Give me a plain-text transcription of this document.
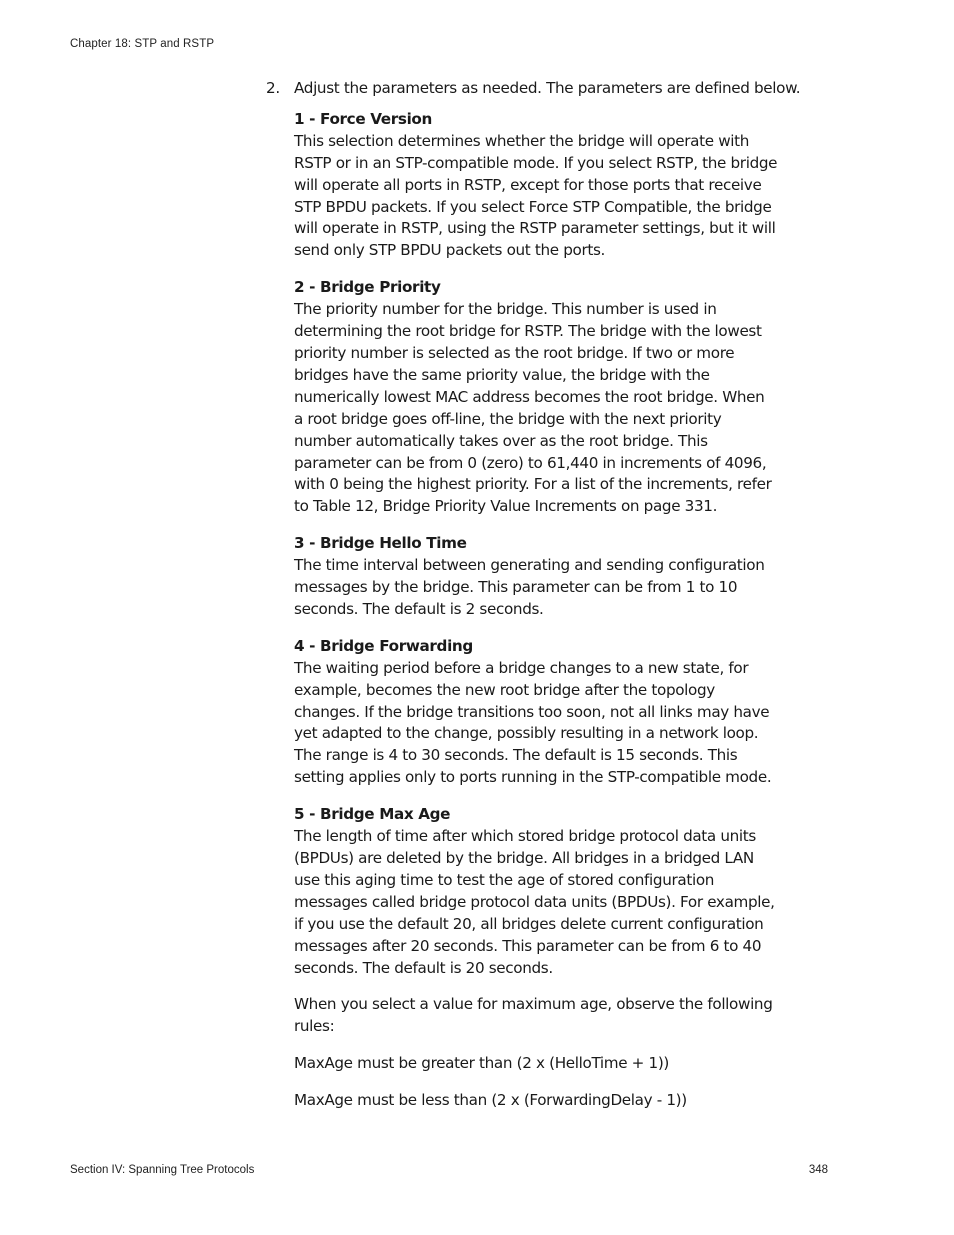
Chapter 18: STP and RSTP
2. Adjust the parameters as needed. The parameters are defined below.
1 - Force Version
This selection determines whether the bridge will operate with
RSTP or in an STP-compatible mode. If you select RSTP, the bridge
will operate all ports in RSTP, except for those ports that receive
STP BPDU packets. If you select Force STP Compatible, the bridge
will operate in RSTP, using the RSTP parameter settings, but it will
send only STP BPDU packets out the ports.
2 - Bridge Priority
The priority number for the bridge. This number is used in
determining the root bridge for RSTP. The bridge with the lowest
priority number is selected as the root bridge. If two or more
bridges have the same priority value, the bridge with the
numerically lowest MAC address becomes the root bridge. When
a root bridge goes off-line, the bridge with the next priority
number automatically takes over as the root bridge. This
parameter can be from 0 (zero) to 61,440 in increments of 4096,
with 0 being the highest priority. For a list of the increments, refer
to Table 12, Bridge Priority Value Increments on page 331.
3 - Bridge Hello Time
The time interval between generating and sending configuration
messages by the bridge. This parameter can be from 1 to 10
seconds. The default is 2 seconds.
4 - Bridge Forwarding
The waiting period before a bridge changes to a new state, for
example, becomes the new root bridge after the topology
changes. If the bridge transitions too soon, not all links may have
yet adapted to the change, possibly resulting in a network loop.
The range is 4 to 30 seconds. The default is 15 seconds. This
setting applies only to ports running in the STP-compatible mode.
5 - Bridge Max Age
The length of time after which stored bridge protocol data units
(BPDUs) are deleted by the bridge. All bridges in a bridged LAN
use this aging time to test the age of stored configuration
messages called bridge protocol data units (BPDUs). For example,
if you use the default 20, all bridges delete current configuration
messages after 20 seconds. This parameter can be from 6 to 40
seconds. The default is 20 seconds.
When you select a value for maximum age, observe the following
rules:
MaxAge must be greater than (2 x (HelloTime + 1))
MaxAge must be less than (2 x (ForwardingDelay - 1))
Section IV: Spanning Tree Protocols	348
